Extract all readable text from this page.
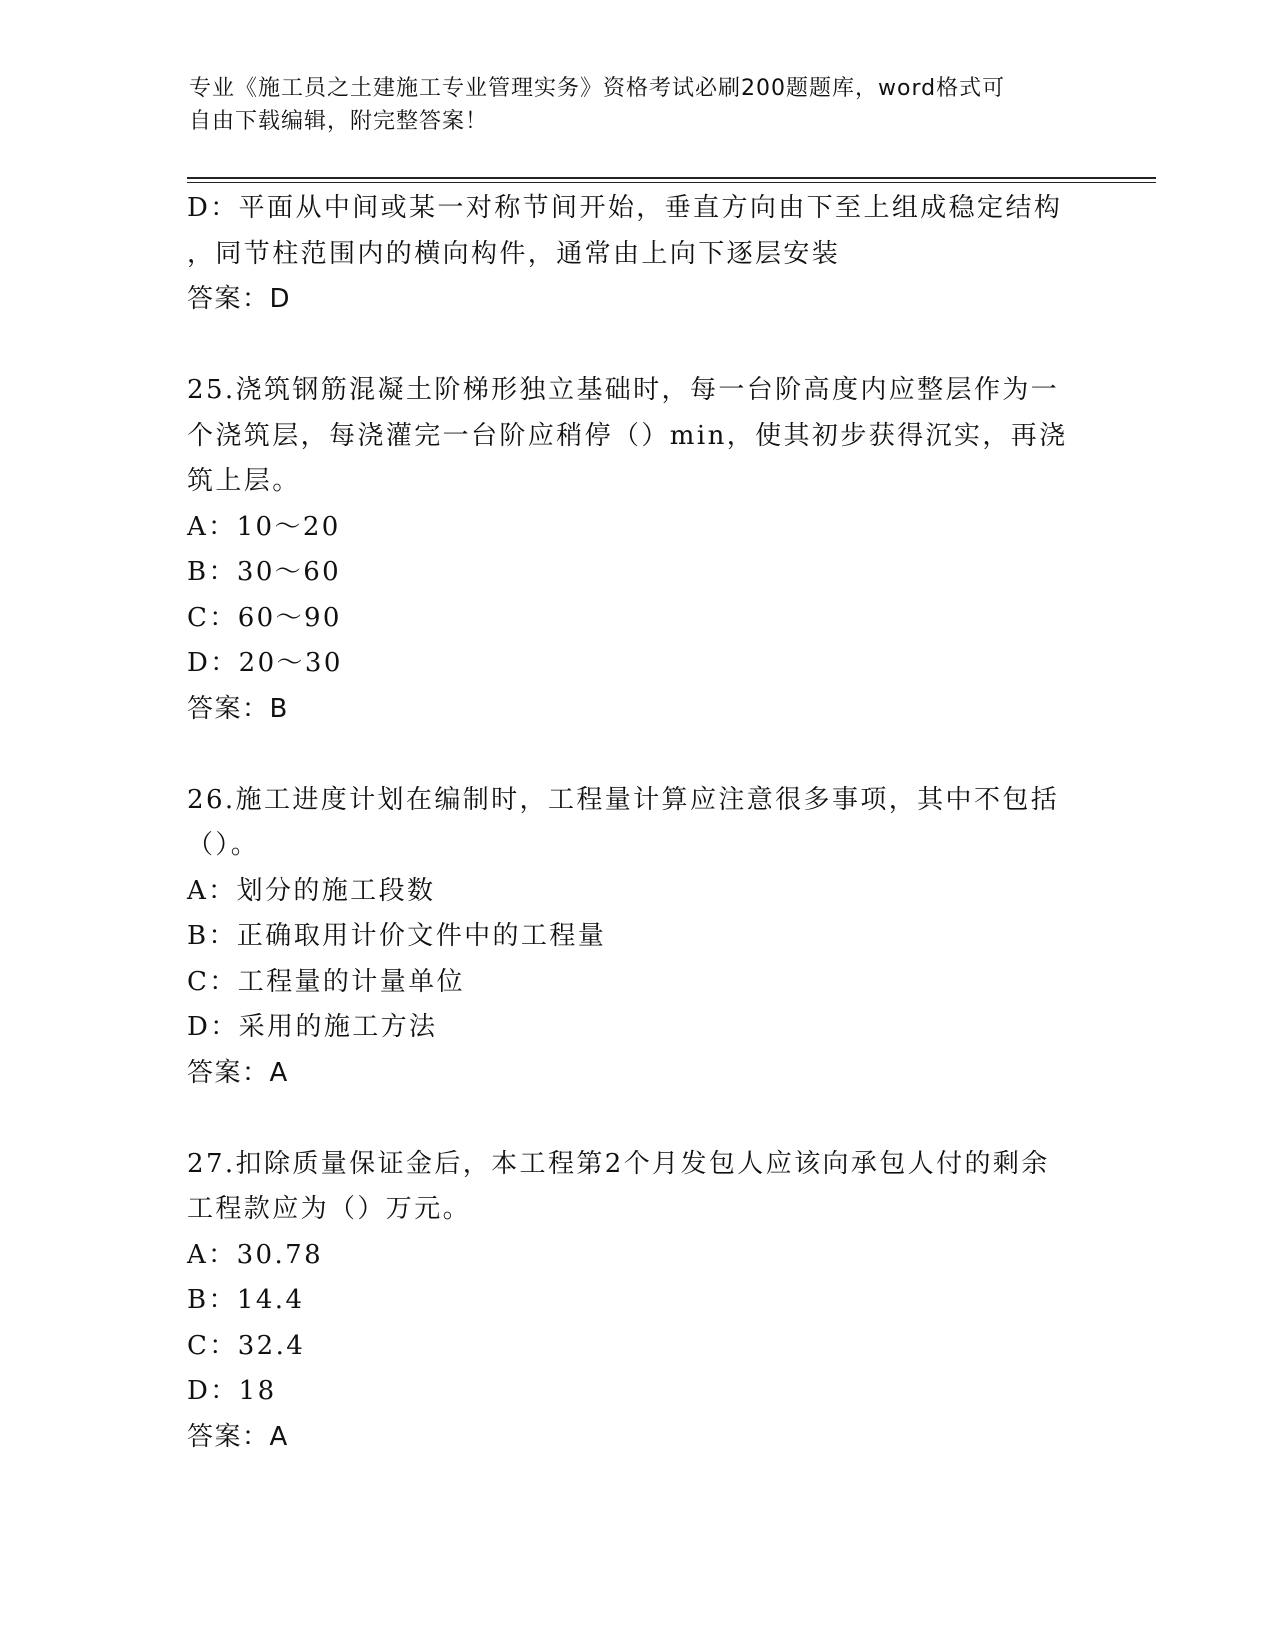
专业《施工员之土建施工专业管理实务》资格考试必刷200题题库，word格式可
自由下载编辑，附完整答案！
D：平面从中间或某一对称节间开始，垂直方向由下至上组成稳定结构
，同节柱范围内的横向构件，通常由上向下逐层安装
答案：D
25.浇筑钢筋混凝土阶梯形独立基础时，每一台阶高度内应整层作为一
个浇筑层，每浇灌完一台阶应稍停（）min，使其初步获得沉实，再浇
筑上层。
A：10～20
B：30～60
C：60～90
D：20～30
答案：B
26.施工进度计划在编制时，工程量计算应注意很多事项，其中不包括
（）。
A：划分的施工段数
B：正确取用计价文件中的工程量
C：工程量的计量单位
D：采用的施工方法
答案：A
27.扣除质量保证金后，本工程第2个月发包人应该向承包人付的剩余
工程款应为（）万元。
A：30.78
B：14.4
C：32.4
D：18
答案：A
